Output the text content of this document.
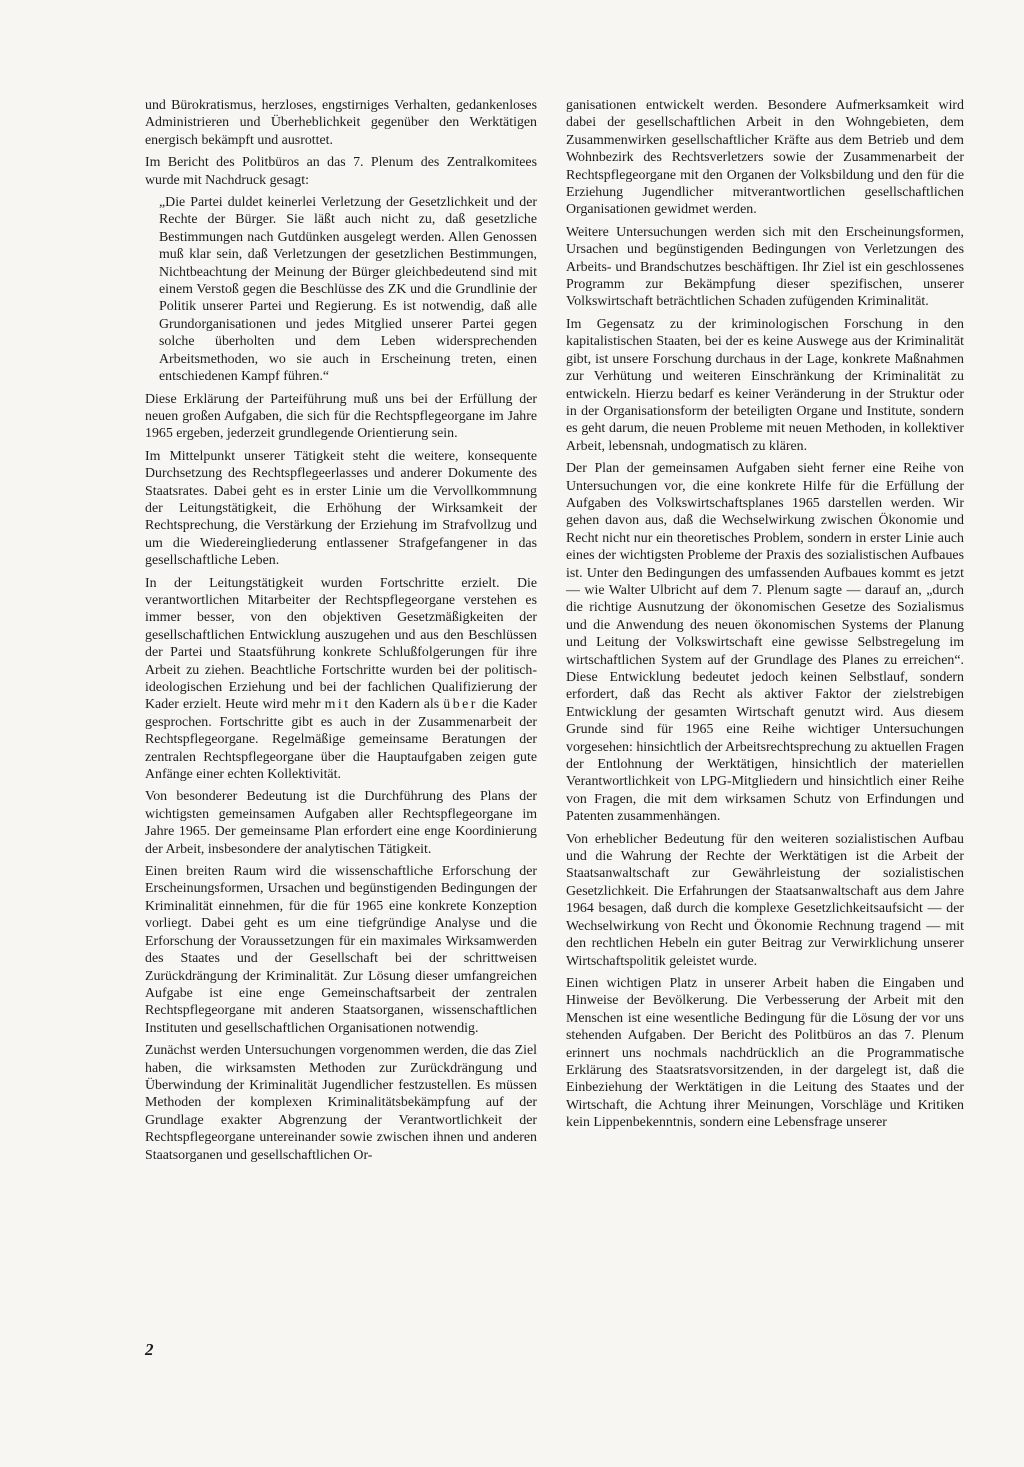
und Bürokratismus, herzloses, engstirniges Verhalten, gedankenloses Administrieren und Überheblichkeit gegenüber den Werktätigen energisch bekämpft und ausrottet.

Im Bericht des Politbüros an das 7. Plenum des Zentralkomitees wurde mit Nachdruck gesagt:

„Die Partei duldet keinerlei Verletzung der Gesetzlichkeit und der Rechte der Bürger. Sie läßt auch nicht zu, daß gesetzliche Bestimmungen nach Gutdünken ausgelegt werden. Allen Genossen muß klar sein, daß Verletzungen der gesetzlichen Bestimmungen, Nichtbeachtung der Meinung der Bürger gleichbedeutend sind mit einem Verstoß gegen die Beschlüsse des ZK und die Grundlinie der Politik unserer Partei und Regierung. Es ist notwendig, daß alle Grundorganisationen und jedes Mitglied unserer Partei gegen solche überholten und dem Leben widersprechenden Arbeitsmethoden, wo sie auch in Erscheinung treten, einen entschiedenen Kampf führen.“

Diese Erklärung der Parteiführung muß uns bei der Erfüllung der neuen großen Aufgaben, die sich für die Rechtspflegeorgane im Jahre 1965 ergeben, jederzeit grundlegende Orientierung sein.

Im Mittelpunkt unserer Tätigkeit steht die weitere, konsequente Durchsetzung des Rechtspflegeerlasses und anderer Dokumente des Staatsrates. Dabei geht es in erster Linie um die Vervollkommnung der Leitungstätigkeit, die Erhöhung der Wirksamkeit der Rechtsprechung, die Verstärkung der Erziehung im Strafvollzug und um die Wiedereingliederung entlassener Strafgefangener in das gesellschaftliche Leben.

In der Leitungstätigkeit wurden Fortschritte erzielt. Die verantwortlichen Mitarbeiter der Rechtspflegeorgane verstehen es immer besser, von den objektiven Gesetzmäßigkeiten der gesellschaftlichen Entwicklung auszugehen und aus den Beschlüssen der Partei und Staatsführung konkrete Schlußfolgerungen für ihre Arbeit zu ziehen. Beachtliche Fortschritte wurden bei der politisch-ideologischen Erziehung und bei der fachlichen Qualifizierung der Kader erzielt. Heute wird mehr mit den Kadern als über die Kader gesprochen. Fortschritte gibt es auch in der Zusammenarbeit der Rechtspflegeorgane. Regelmäßige gemeinsame Beratungen der zentralen Rechtspflegeorgane über die Hauptaufgaben zeigen gute Anfänge einer echten Kollektivität.

Von besonderer Bedeutung ist die Durchführung des Plans der wichtigsten gemeinsamen Aufgaben aller Rechtspflegeorgane im Jahre 1965. Der gemeinsame Plan erfordert eine enge Koordinierung der Arbeit, insbesondere der analytischen Tätigkeit.

Einen breiten Raum wird die wissenschaftliche Erforschung der Erscheinungsformen, Ursachen und begünstigenden Bedingungen der Kriminalität einnehmen, für die für 1965 eine konkrete Konzeption vorliegt. Dabei geht es um eine tiefgründige Analyse und die Erforschung der Voraussetzungen für ein maximales Wirksamwerden des Staates und der Gesellschaft bei der schrittweisen Zurückdrängung der Kriminalität. Zur Lösung dieser umfangreichen Aufgabe ist eine enge Gemeinschaftsarbeit der zentralen Rechtspflegeorgane mit anderen Staatsorganen, wissenschaftlichen Instituten und gesellschaftlichen Organisationen notwendig.

Zunächst werden Untersuchungen vorgenommen werden, die das Ziel haben, die wirksamsten Methoden zur Zurückdrängung und Überwindung der Kriminalität Jugendlicher festzustellen. Es müssen Methoden der komplexen Kriminalitätsbekämpfung auf der Grundlage exakter Abgrenzung der Verantwortlichkeit der Rechtspflegeorgane untereinander sowie zwischen ihnen und anderen Staatsorganen und gesellschaftlichen Or-

ganisationen entwickelt werden. Besondere Aufmerksamkeit wird dabei der gesellschaftlichen Arbeit in den Wohngebieten, dem Zusammenwirken gesellschaftlicher Kräfte aus dem Betrieb und dem Wohnbezirk des Rechtsverletzers sowie der Zusammenarbeit der Rechtspflegeorgane mit den Organen der Volksbildung und den für die Erziehung Jugendlicher mitverantwortlichen gesellschaftlichen Organisationen gewidmet werden.

Weitere Untersuchungen werden sich mit den Erscheinungsformen, Ursachen und begünstigenden Bedingungen von Verletzungen des Arbeits- und Brandschutzes beschäftigen. Ihr Ziel ist ein geschlossenes Programm zur Bekämpfung dieser spezifischen, unserer Volkswirtschaft beträchtlichen Schaden zufügenden Kriminalität.

Im Gegensatz zu der kriminologischen Forschung in den kapitalistischen Staaten, bei der es keine Auswege aus der Kriminalität gibt, ist unsere Forschung durchaus in der Lage, konkrete Maßnahmen zur Verhütung und weiteren Einschränkung der Kriminalität zu entwickeln. Hierzu bedarf es keiner Veränderung in der Struktur oder in der Organisationsform der beteiligten Organe und Institute, sondern es geht darum, die neuen Probleme mit neuen Methoden, in kollektiver Arbeit, lebensnah, undogmatisch zu klären.

Der Plan der gemeinsamen Aufgaben sieht ferner eine Reihe von Untersuchungen vor, die eine konkrete Hilfe für die Erfüllung der Aufgaben des Volkswirtschaftsplanes 1965 darstellen werden. Wir gehen davon aus, daß die Wechselwirkung zwischen Ökonomie und Recht nicht nur ein theoretisches Problem, sondern in erster Linie auch eines der wichtigsten Probleme der Praxis des sozialistischen Aufbaues ist. Unter den Bedingungen des umfassenden Aufbaues kommt es jetzt — wie Walter Ulbricht auf dem 7. Plenum sagte — darauf an, „durch die richtige Ausnutzung der ökonomischen Gesetze des Sozialismus und die Anwendung des neuen ökonomischen Systems der Planung und Leitung der Volkswirtschaft eine gewisse Selbstregelung im wirtschaftlichen System auf der Grundlage des Planes zu erreichen“. Diese Entwicklung bedeutet jedoch keinen Selbstlauf, sondern erfordert, daß das Recht als aktiver Faktor der zielstrebigen Entwicklung der gesamten Wirtschaft genutzt wird. Aus diesem Grunde sind für 1965 eine Reihe wichtiger Untersuchungen vorgesehen: hinsichtlich der Arbeitsrechtsprechung zu aktuellen Fragen der Entlohnung der Werktätigen, hinsichtlich der materiellen Verantwortlichkeit von LPG-Mitgliedern und hinsichtlich einer Reihe von Fragen, die mit dem wirksamen Schutz von Erfindungen und Patenten zusammenhängen.

Von erheblicher Bedeutung für den weiteren sozialistischen Aufbau und die Wahrung der Rechte der Werktätigen ist die Arbeit der Staatsanwaltschaft zur Gewährleistung der sozialistischen Gesetzlichkeit. Die Erfahrungen der Staatsanwaltschaft aus dem Jahre 1964 besagen, daß durch die komplexe Gesetzlichkeitsaufsicht — der Wechselwirkung von Recht und Ökonomie Rechnung tragend — mit den rechtlichen Hebeln ein guter Beitrag zur Verwirklichung unserer Wirtschaftspolitik geleistet wurde.

Einen wichtigen Platz in unserer Arbeit haben die Eingaben und Hinweise der Bevölkerung. Die Verbesserung der Arbeit mit den Menschen ist eine wesentliche Bedingung für die Lösung der vor uns stehenden Aufgaben. Der Bericht des Politbüros an das 7. Plenum erinnert uns nochmals nachdrücklich an die Programmatische Erklärung des Staatsratsvorsitzenden, in der dargelegt ist, daß die Einbeziehung der Werktätigen in die Leitung des Staates und der Wirtschaft, die Achtung ihrer Meinungen, Vorschläge und Kritiken kein Lippenbekenntnis, sondern eine Lebensfrage unserer

2
